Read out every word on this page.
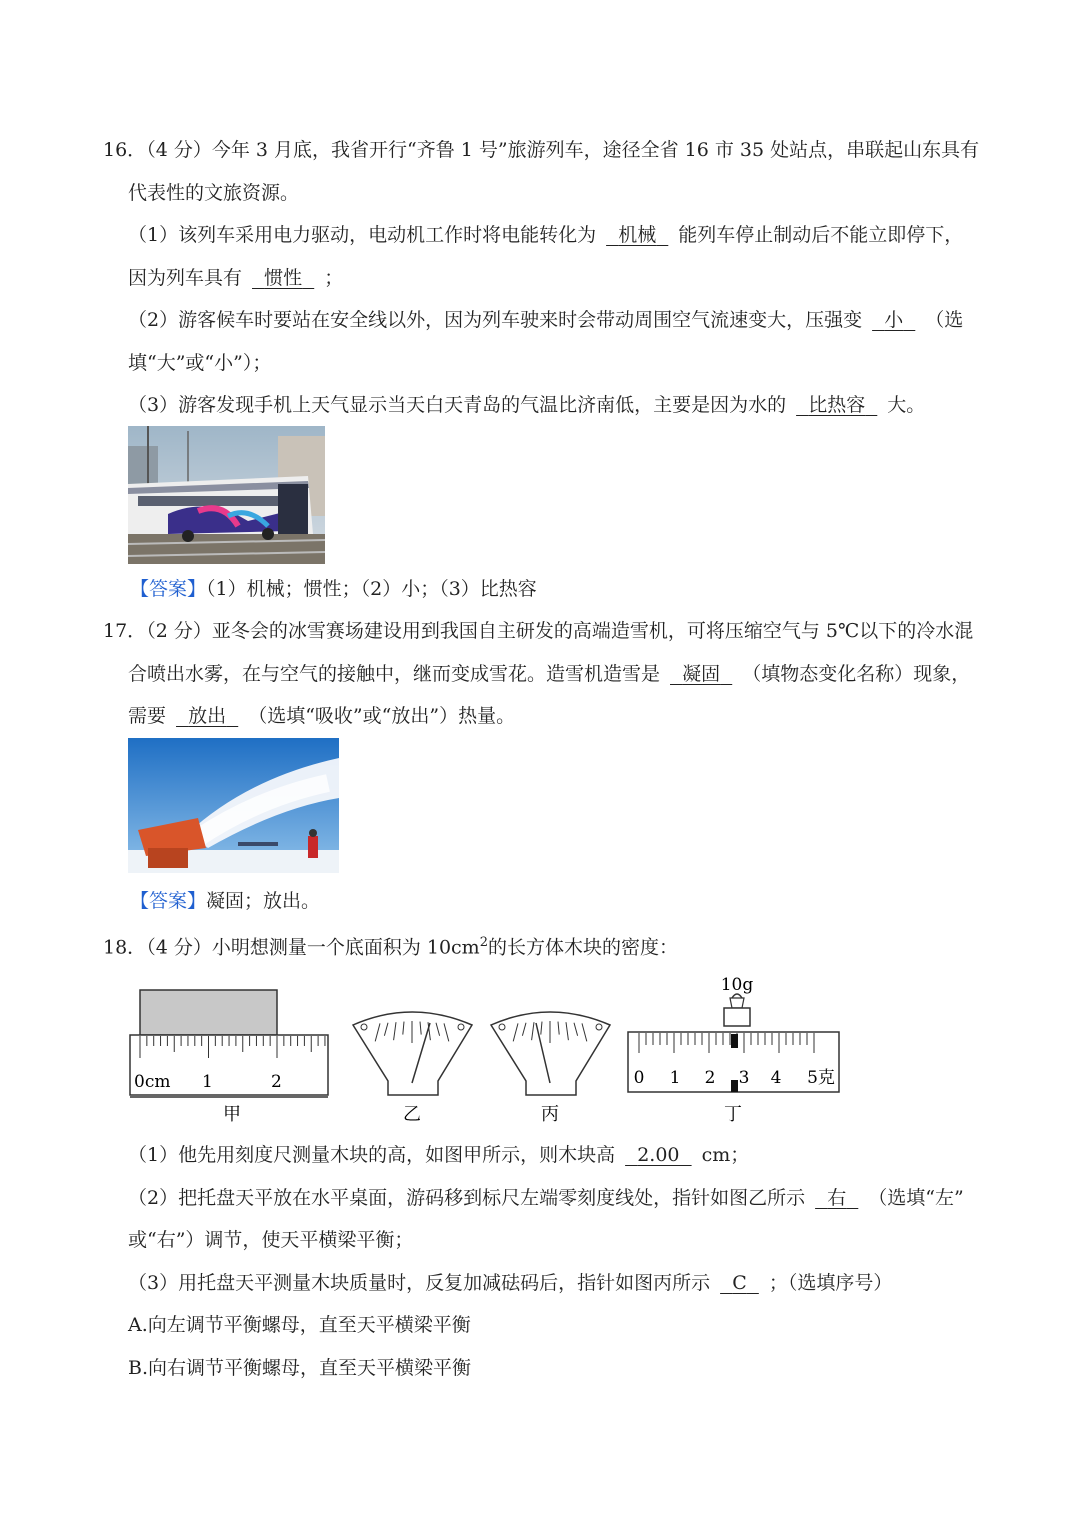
16．（4 分）今年 3 月底，我省开行“齐鲁 1 号”旅游列车，途径全省 16 市 35 处站点，串联起山东具有
代表性的文旅资源。
（1）该列车采用电力驱动，电动机工作时将电能转化为 机械 能列车停止制动后不能立即停下，
因为列车具有 惯性 ；
（2）游客候车时要站在安全线以外，因为列车驶来时会带动周围空气流速变大，压强变 小 （选
填“大”或“小”）；
（3）游客发现手机上天气显示当天白天青岛的气温比济南低，主要是因为水的 比热容 大。
【答案】（1）机械；惯性；（2）小；（3）比热容
17．（2 分）亚冬会的冰雪赛场建设用到我国自主研发的高端造雪机，可将压缩空气与 5℃以下的冷水混
合喷出水雾，在与空气的接触中，继而变成雪花。造雪机造雪是 凝固 （填物态变化名称）现象，
需要 放出 （选填“吸收”或“放出”）热量。
【答案】凝固；放出。
18．（4 分）小明想测量一个底面积为 $10cm^2$的长方体木块的密度：
0cm 1	2
甲	乙	丙
10g
0 1 2 3 4 5克
丁
（1）他先用刻度尺测量木块的高，如图甲所示，则木块高 2.00 cm；
（2）把托盘天平放在水平桌面，游码移到标尺左端零刻度线处，指针如图乙所示 右 （选填“左”
或“右”）调节，使天平横梁平衡；
（3）用托盘天平测量木块质量时，反复加减砝码后，指针如图丙所示 C ；（选填序号）
A.向左调节平衡螺母，直至天平横梁平衡
B.向右调节平衡螺母，直至天平横梁平衡
